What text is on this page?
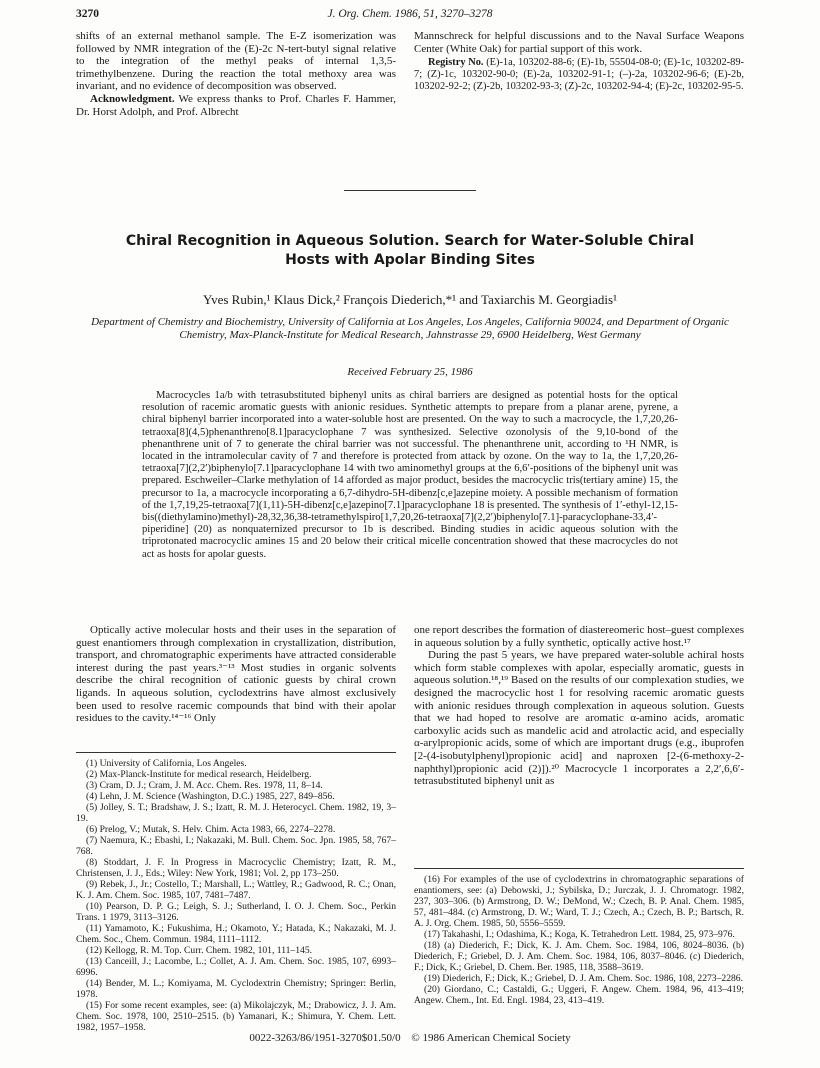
3270	J. Org. Chem. 1986, 51, 3270–3278

shifts of an external methanol sample. The E-Z isomerization was followed by NMR integration of the (E)-2c N-tert-butyl signal relative to the integration of the methyl peaks of internal 1,3,5-trimethylbenzene. During the reaction the total methoxy area was invariant, and no evidence of decomposition was observed.

Acknowledgment. We express thanks to Prof. Charles F. Hammer, Dr. Horst Adolph, and Prof. Albrecht

Mannschreck for helpful discussions and to the Naval Surface Weapons Center (White Oak) for partial support of this work.

Registry No. (E)-1a, 103202-88-6; (E)-1b, 55504-08-0; (E)-1c, 103202-89-7; (Z)-1c, 103202-90-0; (E)-2a, 103202-91-1; (–)-2a, 103202-96-6; (E)-2b, 103202-92-2; (Z)-2b, 103202-93-3; (Z)-2c, 103202-94-4; (E)-2c, 103202-95-5.

Chiral Recognition in Aqueous Solution. Search for Water-Soluble Chiral Hosts with Apolar Binding Sites
Yves Rubin,¹ Klaus Dick,² François Diederich,*¹ and Taxiarchis M. Georgiadis¹
Department of Chemistry and Biochemistry, University of California at Los Angeles, Los Angeles, California 90024, and Department of Organic Chemistry, Max-Planck-Institute for Medical Research, Jahnstrasse 29, 6900 Heidelberg, West Germany
Received February 25, 1986
Macrocycles 1a/b with tetrasubstituted biphenyl units as chiral barriers are designed as potential hosts for the optical resolution of racemic aromatic guests with anionic residues. Synthetic attempts to prepare from a planar arene, pyrene, a chiral biphenyl barrier incorporated into a water-soluble host are presented. On the way to such a macrocycle, the 1,7,20,26-tetraoxa[8](4,5)phenanthreno[8.1]paracyclophane 7 was synthesized. Selective ozonolysis of the 9,10-bond of the phenanthrene unit of 7 to generate the chiral barrier was not successful. The phenanthrene unit, according to ¹H NMR, is located in the intramolecular cavity of 7 and therefore is protected from attack by ozone. On the way to 1a, the 1,7,20,26-tetraoxa[7](2,2′)biphenylo[7.1]paracyclophane 14 with two aminomethyl groups at the 6,6′-positions of the biphenyl unit was prepared. Eschweiler–Clarke methylation of 14 afforded as major product, besides the macrocyclic tris(tertiary amine) 15, the precursor to 1a, a macrocycle incorporating a 6,7-dihydro-5H-dibenz[c,e]azepine moiety. A possible mechanism of formation of the 1,7,19,25-tetraoxa[7](1,11)-5H-dibenz[c,e]azepino[7.1]paracyclophane 18 is presented. The synthesis of 1′-ethyl-12,15-bis((diethylamino)methyl)-28,32,36,38-tetramethylspiro[1,7,20,26-tetraoxa[7](2,2′)biphenylo[7.1]-paracyclophane-33,4′-piperidine] (20) as nonquaternized precursor to 1b is described. Binding studies in acidic aqueous solution with the triprotonated macrocyclic amines 15 and 20 below their critical micelle concentration showed that these macrocycles do not act as hosts for apolar guests.

Optically active molecular hosts and their uses in the separation of guest enantiomers through complexation in crystallization, distribution, transport, and chromatographic experiments have attracted considerable interest during the past years.³⁻¹³ Most studies in organic solvents describe the chiral recognition of cationic guests by chiral crown ligands. In aqueous solution, cyclodextrins have almost exclusively been used to resolve racemic compounds that bind with their apolar residues to the cavity.¹⁴⁻¹⁶ Only

one report describes the formation of diastereomeric host–guest complexes in aqueous solution by a fully synthetic, optically active host.¹⁷

During the past 5 years, we have prepared water-soluble achiral hosts which form stable complexes with apolar, especially aromatic, guests in aqueous solution.¹⁸,¹⁹ Based on the results of our complexation studies, we designed the macrocyclic host 1 for resolving racemic aromatic guests with anionic residues through complexation in aqueous solution. Guests that we had hoped to resolve are aromatic α-amino acids, aromatic carboxylic acids such as mandelic acid and atrolactic acid, and especially α-arylpropionic acids, some of which are important drugs (e.g., ibuprofen [2-(4-isobutylphenyl)propionic acid] and naproxen [2-(6-methoxy-2-naphthyl)propionic acid (2)]).²⁰ Macrocycle 1 incorporates a 2,2′,6,6′-tetrasubstituted biphenyl unit as

(1) University of California, Los Angeles.

(2) Max-Planck-Institute for medical research, Heidelberg.

(3) Cram, D. J.; Cram, J. M. Acc. Chem. Res. 1978, 11, 8–14.

(4) Lehn, J. M. Science (Washington, D.C.) 1985, 227, 849–856.

(5) Jolley, S. T.; Bradshaw, J. S.; Izatt, R. M. J. Heterocycl. Chem. 1982, 19, 3–19.

(6) Prelog, V.; Mutak, S. Helv. Chim. Acta 1983, 66, 2274–2278.

(7) Naemura, K.; Ebashi, I.; Nakazaki, M. Bull. Chem. Soc. Jpn. 1985, 58, 767–768.

(8) Stoddart, J. F. In Progress in Macrocyclic Chemistry; Izatt, R. M., Christensen, J. J., Eds.; Wiley: New York, 1981; Vol. 2, pp 173–250.

(9) Rebek, J., Jr.; Costello, T.; Marshall, L.; Wattley, R.; Gadwood, R. C.; Onan, K. J. Am. Chem. Soc. 1985, 107, 7481–7487.

(10) Pearson, D. P. G.; Leigh, S. J.; Sutherland, I. O. J. Chem. Soc., Perkin Trans. 1 1979, 3113–3126.

(11) Yamamoto, K.; Fukushima, H.; Okamoto, Y.; Hatada, K.; Nakazaki, M. J. Chem. Soc., Chem. Commun. 1984, 1111–1112.

(12) Kellogg, R. M. Top. Curr. Chem. 1982, 101, 111–145.

(13) Canceill, J.; Lacombe, L.; Collet, A. J. Am. Chem. Soc. 1985, 107, 6993–6996.

(14) Bender, M. L.; Komiyama, M. Cyclodextrin Chemistry; Springer: Berlin, 1978.

(15) For some recent examples, see: (a) Mikolajczyk, M.; Drabowicz, J. J. Am. Chem. Soc. 1978, 100, 2510–2515. (b) Yamanari, K.; Shimura, Y. Chem. Lett. 1982, 1957–1958.

(16) For examples of the use of cyclodextrins in chromatographic separations of enantiomers, see: (a) Debowski, J.; Sybilska, D.; Jurczak, J. J. Chromatogr. 1982, 237, 303–306. (b) Armstrong, D. W.; DeMond, W.; Czech, B. P. Anal. Chem. 1985, 57, 481–484. (c) Armstrong, D. W.; Ward, T. J.; Czech, A.; Czech, B. P.; Bartsch, R. A. J. Org. Chem. 1985, 50, 5556–5559.

(17) Takahashi, I.; Odashima, K.; Koga, K. Tetrahedron Lett. 1984, 25, 973–976.

(18) (a) Diederich, F.; Dick, K. J. Am. Chem. Soc. 1984, 106, 8024–8036. (b) Diederich, F.; Griebel, D. J. Am. Chem. Soc. 1984, 106, 8037–8046. (c) Diederich, F.; Dick, K.; Griebel, D. Chem. Ber. 1985, 118, 3588–3619.

(19) Diederich, F.; Dick, K.; Griebel, D. J. Am. Chem. Soc. 1986, 108, 2273–2286.

(20) Giordano, C.; Castaldi, G.; Uggeri, F. Angew. Chem. 1984, 96, 413–419; Angew. Chem., Int. Ed. Engl. 1984, 23, 413–419.

0022-3263/86/1951-3270$01.50/0 © 1986 American Chemical Society
